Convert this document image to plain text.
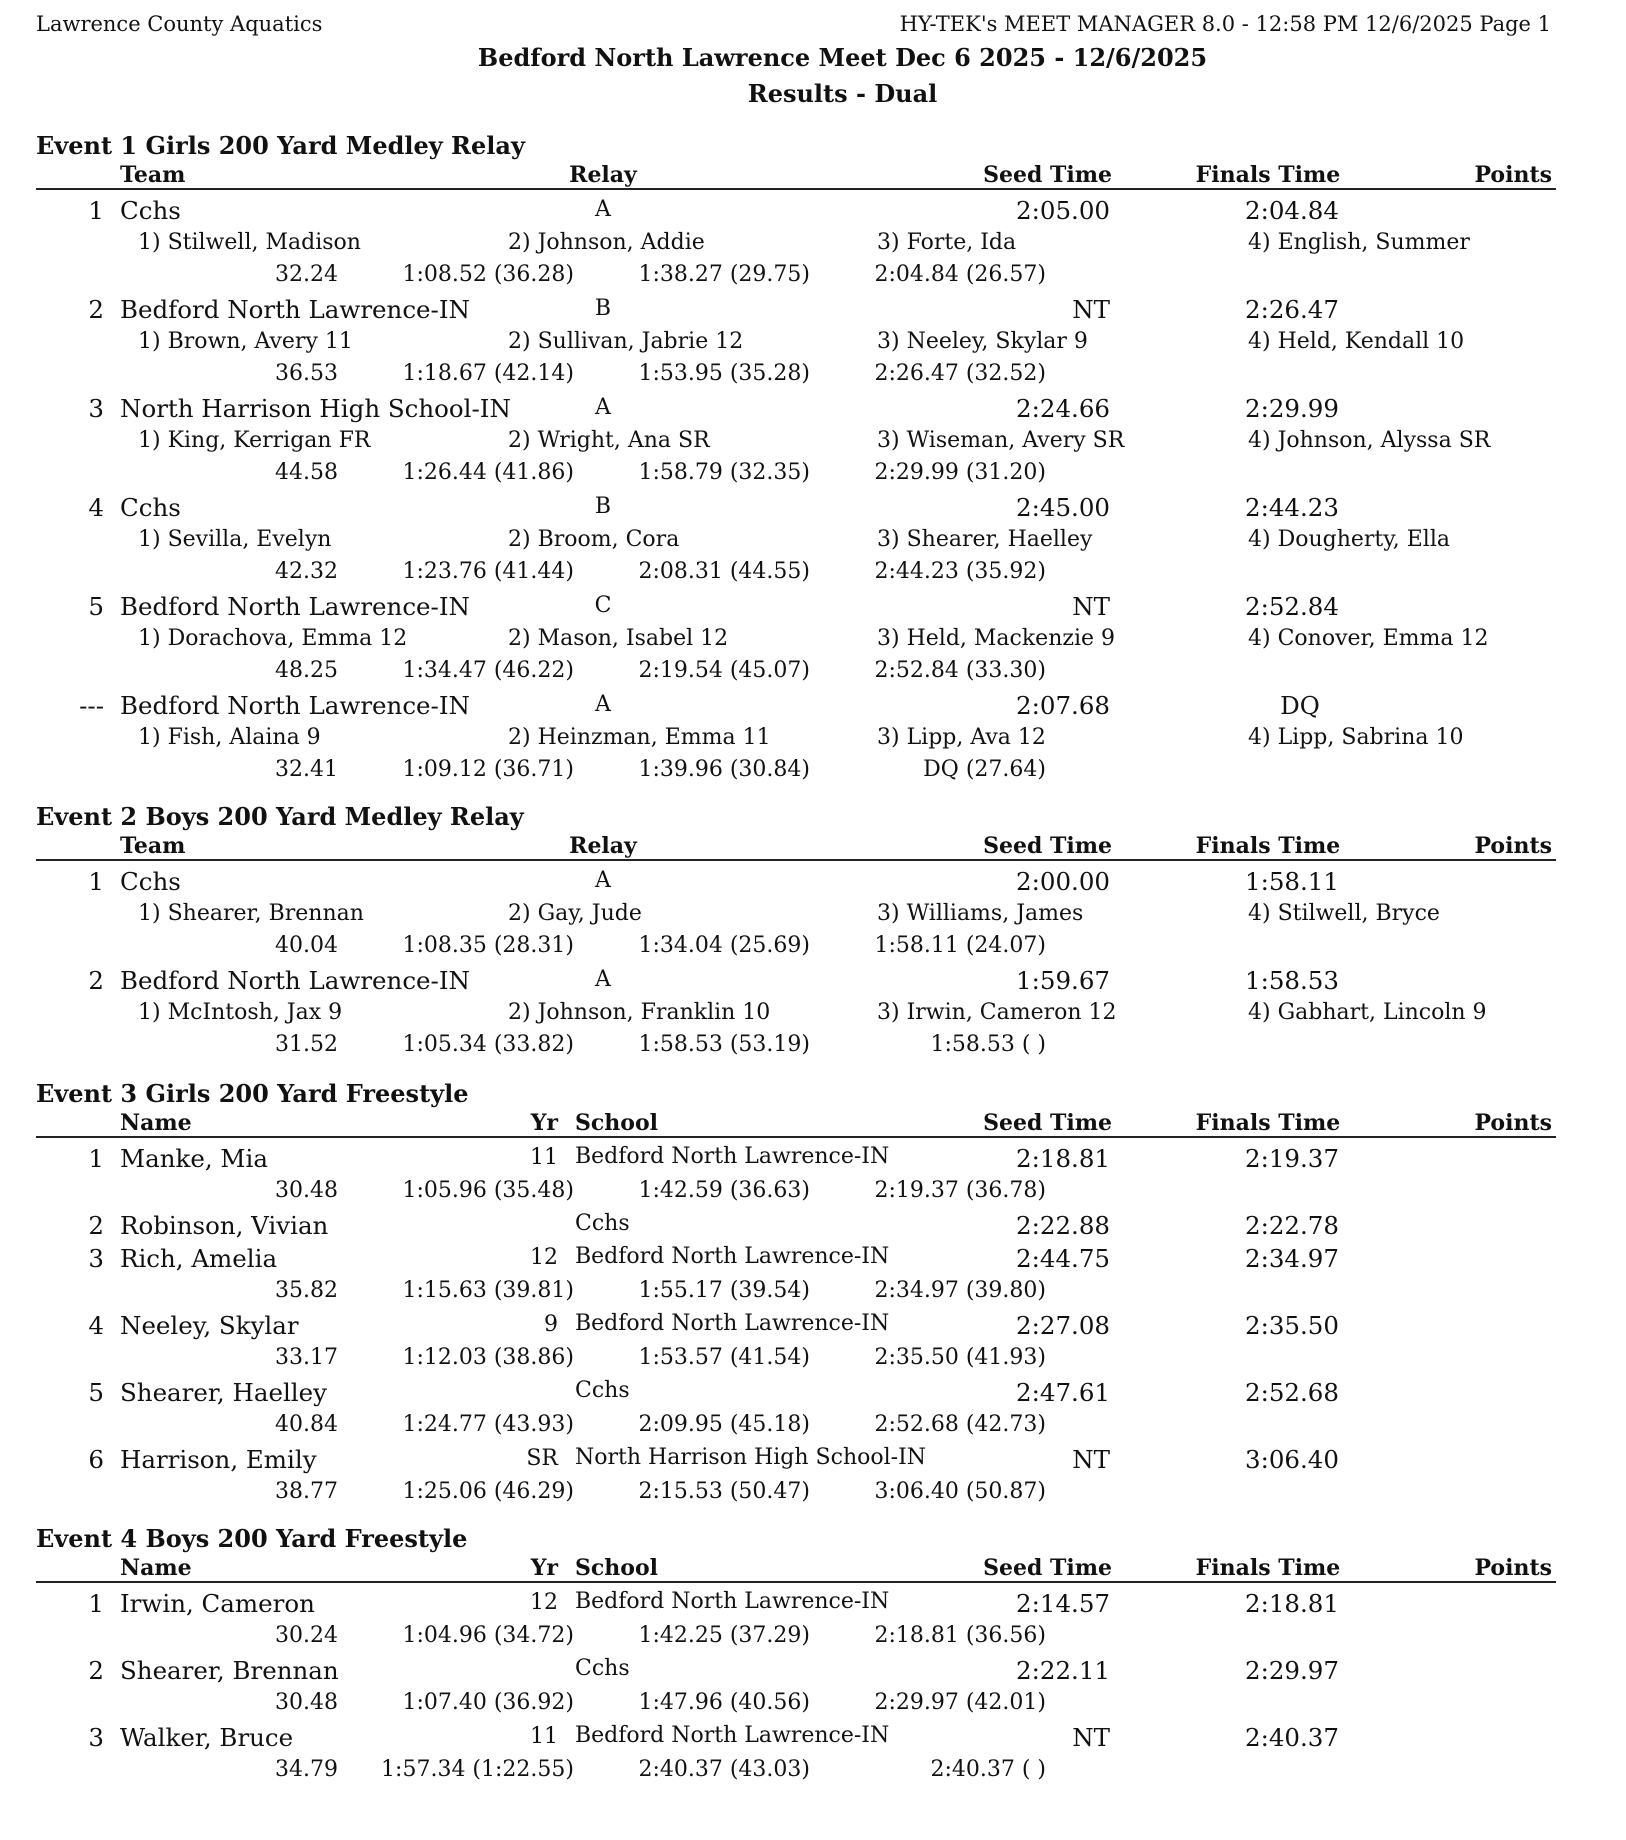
Lawrence County Aquatics	HY-TEK's MEET MANAGER 8.0 - 12:58 PM 12/6/2025 Page 1
Bedford North Lawrence Meet Dec 6 2025 - 12/6/2025
Results - Dual
Event 1 Girls 200 Yard Medley Relay
Team	Relay	Seed Time	Finals Time	Points
1 Cchs	A	2:05.00	2:04.84
1) Stilwell, Madison	2) Johnson, Addie	3) Forte, Ida	4) English, Summer
32.24	1:08.52 (36.28)	1:38.27 (29.75)	2:04.84 (26.57)
2 Bedford North Lawrence-IN	B	NT	2:26.47
1) Brown, Avery 11	2) Sullivan, Jabrie 12	3) Neeley, Skylar 9	4) Held, Kendall 10
36.53	1:18.67 (42.14)	1:53.95 (35.28)	2:26.47 (32.52)
3 North Harrison High School-IN	A	2:24.66	2:29.99
1) King, Kerrigan FR	2) Wright, Ana SR	3) Wiseman, Avery SR	4) Johnson, Alyssa SR
44.58	1:26.44 (41.86)	1:58.79 (32.35)	2:29.99 (31.20)
4 Cchs	B	2:45.00	2:44.23
1) Sevilla, Evelyn	2) Broom, Cora	3) Shearer, Haelley	4) Dougherty, Ella
42.32	1:23.76 (41.44)	2:08.31 (44.55)	2:44.23 (35.92)
5 Bedford North Lawrence-IN	C	NT	2:52.84
1) Dorachova, Emma 12	2) Mason, Isabel 12	3) Held, Mackenzie 9	4) Conover, Emma 12
48.25	1:34.47 (46.22)	2:19.54 (45.07)	2:52.84 (33.30)
--- Bedford North Lawrence-IN	A	2:07.68	DQ
1) Fish, Alaina 9	2) Heinzman, Emma 11	3) Lipp, Ava 12	4) Lipp, Sabrina 10
32.41	1:09.12 (36.71)	1:39.96 (30.84)	DQ (27.64)
Event 2 Boys 200 Yard Medley Relay
Team	Relay	Seed Time	Finals Time	Points
1 Cchs	A	2:00.00	1:58.11
1) Shearer, Brennan	2) Gay, Jude	3) Williams, James	4) Stilwell, Bryce
40.04	1:08.35 (28.31)	1:34.04 (25.69)	1:58.11 (24.07)
2 Bedford North Lawrence-IN	A	1:59.67	1:58.53
1) McIntosh, Jax 9	2) Johnson, Franklin 10	3) Irwin, Cameron 12	4) Gabhart, Lincoln 9
31.52	1:05.34 (33.82)	1:58.53 (53.19)	1:58.53 ( )
Event 3 Girls 200 Yard Freestyle
Name	Yr School	Seed Time	Finals Time	Points
1 Manke, Mia	11 Bedford North Lawrence-IN	2:18.81	2:19.37
30.48	1:05.96 (35.48)	1:42.59 (36.63)	2:19.37 (36.78)
2 Robinson, Vivian	Cchs	2:22.88	2:22.78
3 Rich, Amelia	12 Bedford North Lawrence-IN	2:44.75	2:34.97
35.82	1:15.63 (39.81)	1:55.17 (39.54)	2:34.97 (39.80)
4 Neeley, Skylar	9 Bedford North Lawrence-IN	2:27.08	2:35.50
33.17	1:12.03 (38.86)	1:53.57 (41.54)	2:35.50 (41.93)
5 Shearer, Haelley	Cchs	2:47.61	2:52.68
40.84	1:24.77 (43.93)	2:09.95 (45.18)	2:52.68 (42.73)
6 Harrison, Emily	SR North Harrison High School-IN	NT	3:06.40
38.77	1:25.06 (46.29)	2:15.53 (50.47)	3:06.40 (50.87)
Event 4 Boys 200 Yard Freestyle
Name	Yr School	Seed Time	Finals Time	Points
1 Irwin, Cameron	12 Bedford North Lawrence-IN	2:14.57	2:18.81
30.24	1:04.96 (34.72)	1:42.25 (37.29)	2:18.81 (36.56)
2 Shearer, Brennan	Cchs	2:22.11	2:29.97
30.48	1:07.40 (36.92)	1:47.96 (40.56)	2:29.97 (42.01)
3 Walker, Bruce	11 Bedford North Lawrence-IN	NT	2:40.37
34.79	1:57.34 (1:22.55)	2:40.37 (43.03)	2:40.37 ( )
